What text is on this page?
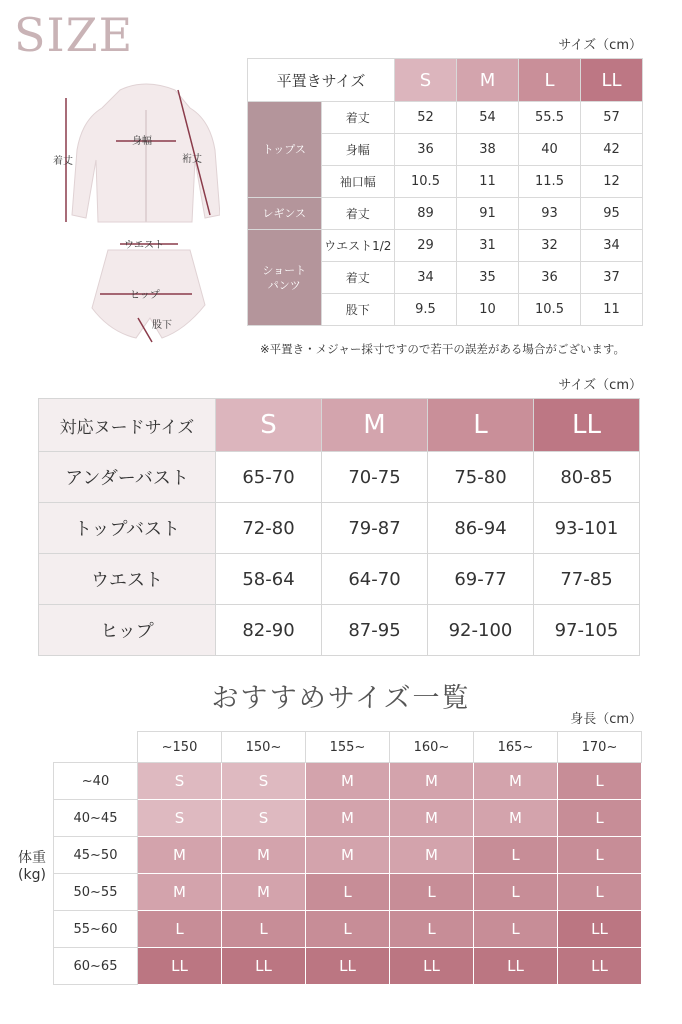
SIZE
着丈
身幅
裄丈
ウエスト
ヒップ
股下
サイズ（cm）
平置きサイズ		S	M	L	LL
トップス	着丈	52	54	55.5	57
	身幅	36	38	40	42
	袖口幅	10.5	11	11.5	12
レギンス	着丈	89	91	93	95
ショート
パンツ	ウエスト1/2	29	31	32	34
	着丈	34	35	36	37
	股下	9.5	10	10.5	11
※平置き・メジャー採寸ですので若干の誤差がある場合がございます。
サイズ（cm）
対応ヌードサイズ	S	M	L	LL
アンダーバスト	65-70	70-75	75-80	80-85
トップバスト	72-80	79-87	86-94	93-101
ウエスト	58-64	64-70	69-77	77-85
ヒップ	82-90	87-95	92-100	97-105
おすすめサイズ一覧
身長（cm）
体重
(kg)
	~150	150~	155~	160~	165~	170~
~40	S	S	M	M	M	L
40~45	S	S	M	M	M	L
45~50	M	M	M	M	L	L
50~55	M	M	L	L	L	L
55~60	L	L	L	L	L	LL
60~65	LL	LL	LL	LL	LL	LL
